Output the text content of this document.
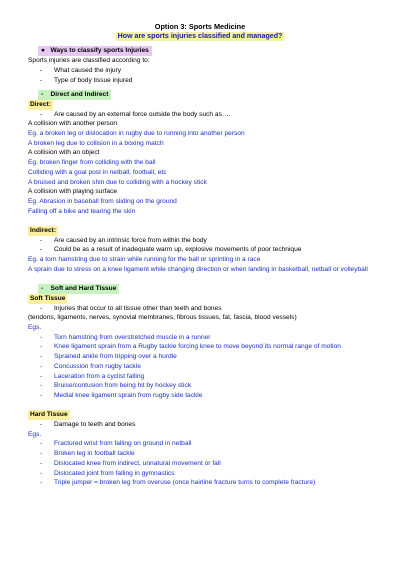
Option 3: Sports Medicine
How are sports injuries classified and managed?
● Ways to classify sports Injuries
Sports injuries are classified according to:
- What caused the injury
- Type of body tissue injured
- Direct and Indirect
Direct:
- Are caused by an external force outside the body such as….
A collision with another person
Eg. a broken leg or dislocation in rugby due to running into another person
A broken leg due to collision in a boxing match
A collision with an object
Eg. broken finger from colliding with the ball
Colliding with a goal post in netball, football, etc
A bruised and broken shin due to colliding with a hockey stick
A collision with playing surface
Eg. Abrasion in baseball from sliding on the ground
Falling off a bike and tearing the skin
Indirect:
- Are caused by an intrinsic force from within the body
- Could be as a result of inadequate warm up, explosive movements of poor technique
Eg. a torn hamstring due to strain while running for the ball or sprinting in a race
A sprain due to stress on a knee ligament while changing direction or when landing in basketball, netball or volleyball
- Soft and Hard Tissue
Soft Tissue
- Injuries that occur to all tissue other than teeth and bones
(tendons, ligaments, nerves, synovial membranes, fibrous tissues, fat, fascia, blood vessels)
Egs.
- Torn hamstring from overstretched muscle in a runner
- Knee ligament sprain from a Rugby tackle forcing knee to move beyond its normal range of motion
- Sprained ankle from tripping over a hurdle
- Concussion from rugby tackle
- Laceration from a cyclist falling
- Bruise/contusion from being hit by hockey stick
- Medial knee ligament sprain from rugby side tackle
Hard Tissue
- Damage to teeth and bones
Egs.
- Fractured wrist from falling on ground in netball
- Broken leg in football tackle
- Dislocated knee from indirect, unnatural movement or fall
- Dislocated joint from falling in gymnastics
- Triple jumper = broken leg from overuse (once hairline fracture turns to complete fracture)
